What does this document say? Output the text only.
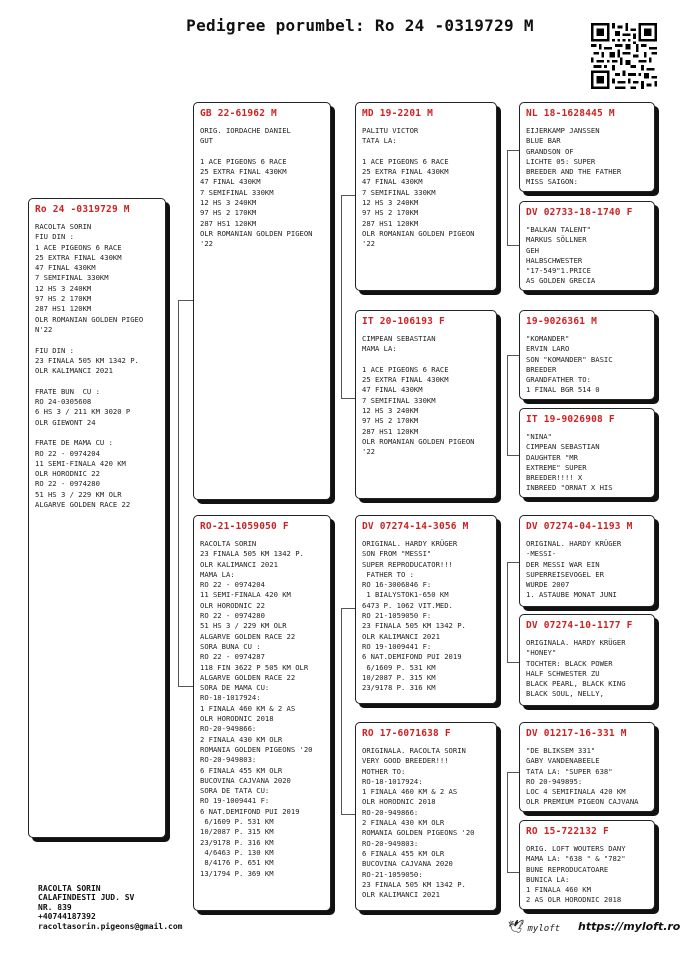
Pedigree porumbel: Ro 24 -0319729 M
Ro 24 -0319729 M
RACOLTA SORIN
FIU DIN :
1 ACE PIGEONS 6 RACE
25 EXTRA FINAL 430KM
47 FINAL 430KM
7 SEMIFINAL 330KM
12 HS 3 240KM
97 HS 2 170KM
287 HS1 120KM
OLR ROMANIAN GOLDEN PIGEO
N'22

FIU DIN :
23 FINALA 505 KM 1342 P.
OLR KALIMANCI 2021

FRATE BUN  CU :
RO 24-0305608
6 HS 3 / 211 KM 3020 P
OLR GIEWONT 24

FRATE DE MAMA CU :
RO 22 - 0974204
11 SEMI-FINALA 420 KM
OLR HORODNIC 22
RO 22 - 0974280
51 HS 3 / 229 KM OLR
ALGARVE GOLDEN RACE 22
GB 22-61962 M
ORIG. IORDACHE DANIEL
GUT

1 ACE PIGEONS 6 RACE
25 EXTRA FINAL 430KM
47 FINAL 430KM
7 SEMIFINAL 330KM
12 HS 3 240KM
97 HS 2 170KM
287 HS1 120KM
OLR ROMANIAN GOLDEN PIGEON
'22
RO-21-1059050 F
RACOLTA SORIN
23 FINALA 505 KM 1342 P.
OLR KALIMANCI 2021
MAMA LA:
RO 22 - 0974204
11 SEMI-FINALA 420 KM
OLR HORODNIC 22
RO 22 - 0974280
51 HS 3 / 229 KM OLR
ALGARVE GOLDEN RACE 22
SORA BUNA CU :
RO 22 - 0974287
118 FIN 3622 P 505 KM OLR
ALGARVE GOLDEN RACE 22
SORA DE MAMA CU:
RO-18-1017924:
1 FINALA 460 KM & 2 AS
OLR HORODNIC 2018
RO-20-949866:
2 FINALA 430 KM OLR
ROMANIA GOLDEN PIGEONS '20
RO-20-949803:
6 FINALA 455 KM OLR
BUCOVINA CAJVANA 2020
SORA DE TATA CU:
RO 19-1009441 F:
6 NAT.DEMIFOND PUI 2019
6/1609 P. 531 KM
10/2087 P. 315 KM
23/9178 P. 316 KM
4/6463 P. 130 KM
8/4176 P. 651 KM
13/1794 P. 369 KM
MD 19-2201 M
PALITU VICTOR
TATA LA:

1 ACE PIGEONS 6 RACE
25 EXTRA FINAL 430KM
47 FINAL 430KM
7 SEMIFINAL 330KM
12 HS 3 240KM
97 HS 2 170KM
287 HS1 120KM
OLR ROMANIAN GOLDEN PIGEON
'22
IT 20-106193 F
CIMPEAN SEBASTIAN
MAMA LA:

1 ACE PIGEONS 6 RACE
25 EXTRA FINAL 430KM
47 FINAL 430KM
7 SEMIFINAL 330KM
12 HS 3 240KM
97 HS 2 170KM
287 HS1 120KM
OLR ROMANIAN GOLDEN PIGEON
'22
DV 07274-14-3056 M
ORIGINAL. HARDY KRÜGER
SON FROM "MESSI"
SUPER REPRODUCATOR!!!
FATHER TO :
RO 16-3006846 F:
1 BIALYSTOK1-650 KM
6473 P. 1062 VIT.MED.
RO 21-1059050 F:
23 FINALA 505 KM 1342 P.
OLR KALIMANCI 2021
RO 19-1009441 F:
6 NAT.DEMIFOND PUI 2019
6/1609 P. 531 KM
10/2087 P. 315 KM
23/9178 P. 316 KM
RO 17-6071638 F
ORIGINALA. RACOLTA SORIN
VERY GOOD BREEDER!!!
MOTHER TO:
RO-18-1017924:
1 FINALA 460 KM & 2 AS
OLR HORODNIC 2018
RO-20-949866:
2 FINALA 430 KM OLR
ROMANIA GOLDEN PIGEONS '20
RO-20-949803:
6 FINALA 455 KM OLR
BUCOVINA CAJVANA 2020
RO-21-1059050:
23 FINALA 505 KM 1342 P.
OLR KALIMANCI 2021
NL 18-1628445 M
EIJERKAMP JANSSEN
BLUE BAR
GRANDSON OF
LICHTE 05: SUPER
BREEDER AND THE FATHER
MISS SAIGON:
DV 02733-18-1740 F
"BALKAN TALENT"
MARKUS SÖLLNER
GEH
HALBSCHWESTER
"17-549"1.PRICE
AS GOLDEN GRECIA
19-9026361 M
"KOMANDER"
ERVIN LARO
SON "KOMANDER" BASIC
BREEDER
GRANDFATHER TO:
1 FINAL BGR 514 0
IT 19-9026908 F
"NINA"
CIMPEAN SEBASTIAN
DAUGHTER "MR
EXTREME" SUPER
BREEDER!!!! X
INBREED "ORNAT X HIS
DV 07274-04-1193 M
ORIGINAL. HARDY KRÜGER
-MESSI-
DER MESSI WAR EIN
SUPERREISEVOGEL ER
WURDE 2007
1. ASTAUBE MONAT JUNI
DV 07274-10-1177 F
ORIGINALA. HARDY KRÜGER
"HONEY"
TOCHTER: BLACK POWER
HALF SCHWESTER ZU
BLACK PEARL, BLACK KING
BLACK SOUL, NELLY,
DV 01217-16-331 M
"DE BLIKSEM 331"
GABY VANDENABEELE
TATA LA: "SUPER 638"
RO 20-949895:
LOC 4 SEMIFINALA 420 KM
OLR PREMIUM PIGEON CAJVANA
RO 15-722132 F
ORIG. LOFT WOUTERS DANY
MAMA LA: "638 " & "782"
BUNE REPRODUCATOARE
BUNICA LA:
1 FINALA 460 KM
2 AS OLR HORODNIC 2018
RACOLTA SORIN
CALAFINDESTI JUD. SV
NR. 839
+40744187392
racoltasorin.pigeons@gmail.com	🕊 myloft https://myloft.ro
